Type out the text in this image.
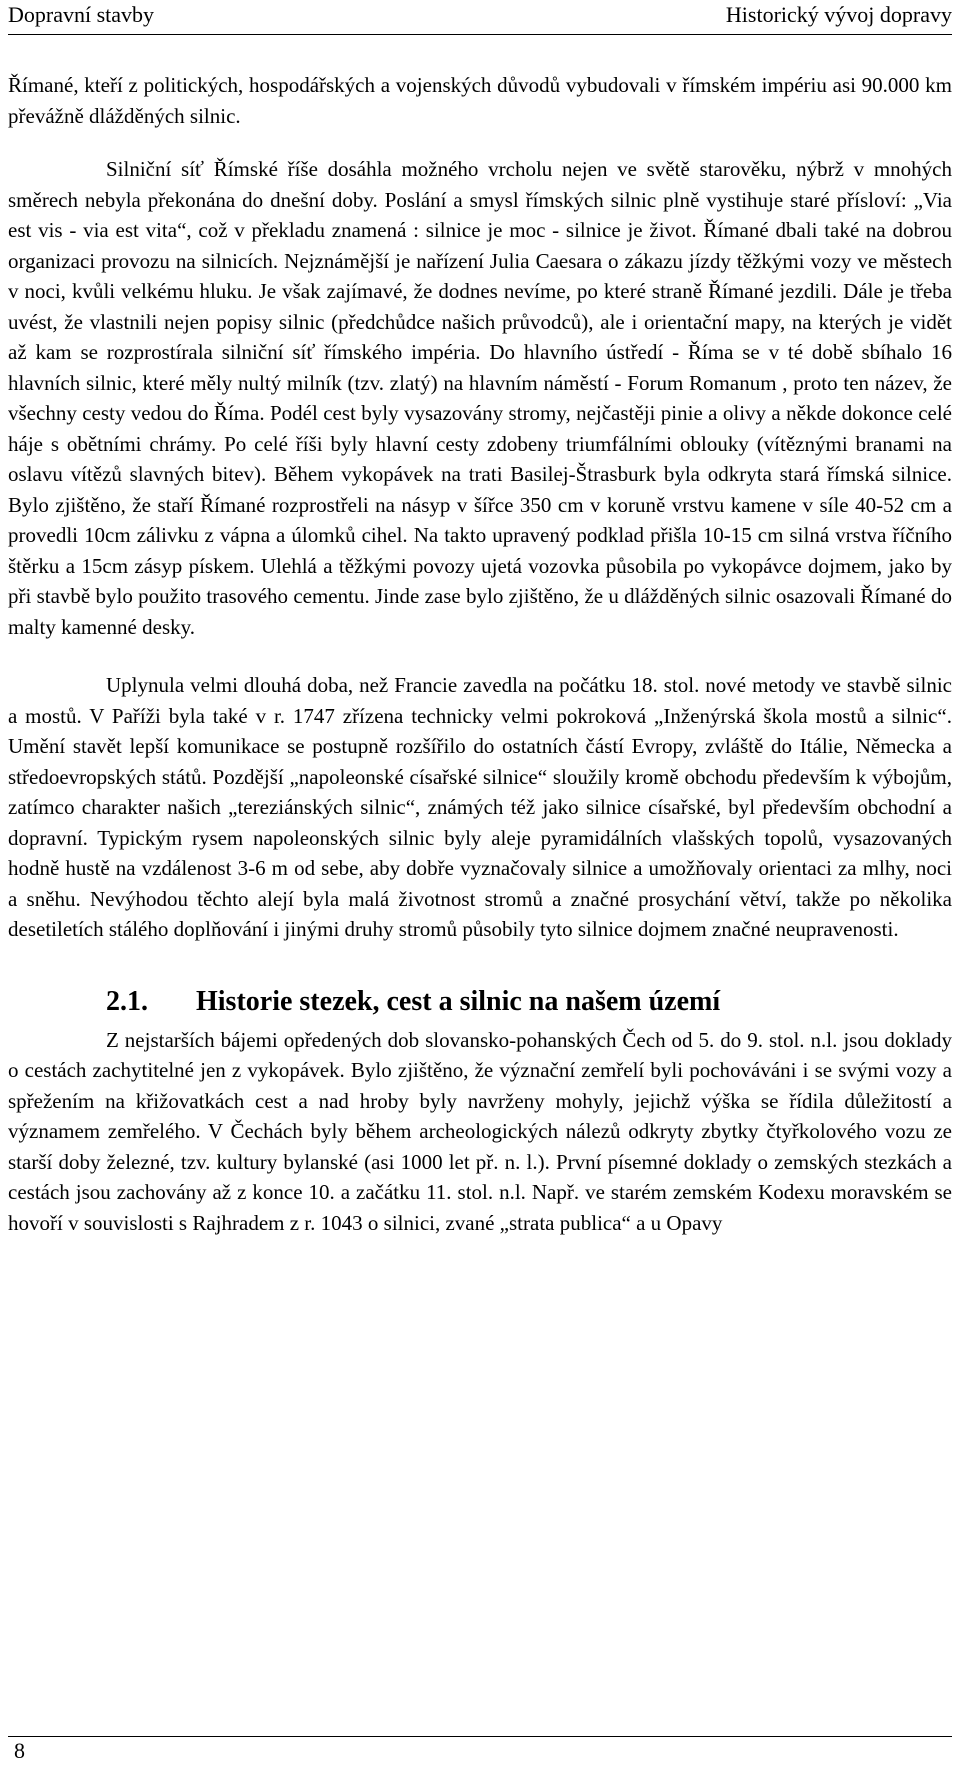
Dopravní stavby	Historický vývoj dopravy

Římané, kteří z politických, hospodářských a vojenských důvodů vybudovali v římském impériu asi 90.000 km převážně dlážděných silnic.

Silniční síť Římské říše dosáhla možného vrcholu nejen ve světě starověku, nýbrž v mnohých směrech nebyla překonána do dnešní doby. Poslání a smysl římských silnic plně vystihuje staré přísloví: „Via est vis - via est vita“, což v překladu znamená : silnice je moc - silnice je život. Římané dbali také na dobrou organizaci provozu na silnicích. Nejznámější je nařízení Julia Caesara o zákazu jízdy těžkými vozy ve městech v noci, kvůli velkému hluku. Je však zajímavé, že dodnes nevíme, po které straně Římané jezdili. Dále je třeba uvést, že vlastnili nejen popisy silnic (předchůdce našich průvodců), ale i orientační mapy, na kterých je vidět až kam se rozprostírala silniční síť římského impéria. Do hlavního ústředí - Říma se v té době sbíhalo 16 hlavních silnic, které měly nultý milník (tzv. zlatý) na hlavním náměstí - Forum Romanum , proto ten název, že všechny cesty vedou do Říma. Podél cest byly vysazovány stromy, nejčastěji pinie a olivy a někde dokonce celé háje s obětními chrámy. Po celé říši byly hlavní cesty zdobeny triumfálními oblouky (vítěznými branami na oslavu vítězů slavných bitev). Během vykopávek na trati Basilej-Štrasburk byla odkryta stará římská silnice. Bylo zjištěno, že staří Římané rozprostřeli na násyp v šířce 350 cm v koruně vrstvu kamene v síle 40-52 cm a provedli 10cm zálivku z vápna a úlomků cihel. Na takto upravený podklad přišla 10-15 cm silná vrstva říčního štěrku a 15cm zásyp pískem. Ulehlá a těžkými povozy ujetá vozovka působila po vykopávce dojmem, jako by při stavbě bylo použito trasového cementu. Jinde zase bylo zjištěno, že u dlážděných silnic osazovali Římané do malty kamenné desky.

Uplynula velmi dlouhá doba, než Francie zavedla na počátku 18. stol. nové metody ve stavbě silnic a mostů. V Paříži byla také v r. 1747 zřízena technicky velmi pokroková „Inženýrská škola mostů a silnic“. Umění stavět lepší komunikace se postupně rozšířilo do ostatních částí Evropy, zvláště do Itálie, Německa a středoevropských států. Pozdější „napoleonské císařské silnice“ sloužily kromě obchodu především k výbojům, zatímco charakter našich „tereziánských silnic“, známých též jako silnice císařské, byl především obchodní a dopravní. Typickým rysem napoleonských silnic byly aleje pyramidálních vlašských topolů, vysazovaných hodně hustě na vzdálenost 3-6 m od sebe, aby dobře vyznačovaly silnice a umožňovaly orientaci za mlhy, noci a sněhu. Nevýhodou těchto alejí byla malá životnost stromů a značné prosychání větví, takže po několika desetiletích stálého doplňování i jinými druhy stromů působily tyto silnice dojmem značné neupravenosti.

2.1. Historie stezek, cest a silnic na našem území

Z nejstarších bájemi opředených dob slovansko-pohanských Čech od 5. do 9. stol. n.l. jsou doklady o cestách zachytitelné jen z vykopávek. Bylo zjištěno, že význační zemřelí byli pochováváni i se svými vozy a spřežením na křižovatkách cest a nad hroby byly navrženy mohyly, jejichž výška se řídila důležitostí a významem zemřelého. V Čechách byly během archeologických nálezů odkryty zbytky čtyřkolového vozu ze starší doby železné, tzv. kultury bylanské (asi 1000 let př. n. l.). První písemné doklady o zemských stezkách a cestách jsou zachovány až z konce 10. a začátku 11. stol. n.l. Např. ve starém zemském Kodexu moravském se hovoří v souvislosti s Rajhradem z r. 1043 o silnici, zvané „strata publica“ a u Opavy

8
